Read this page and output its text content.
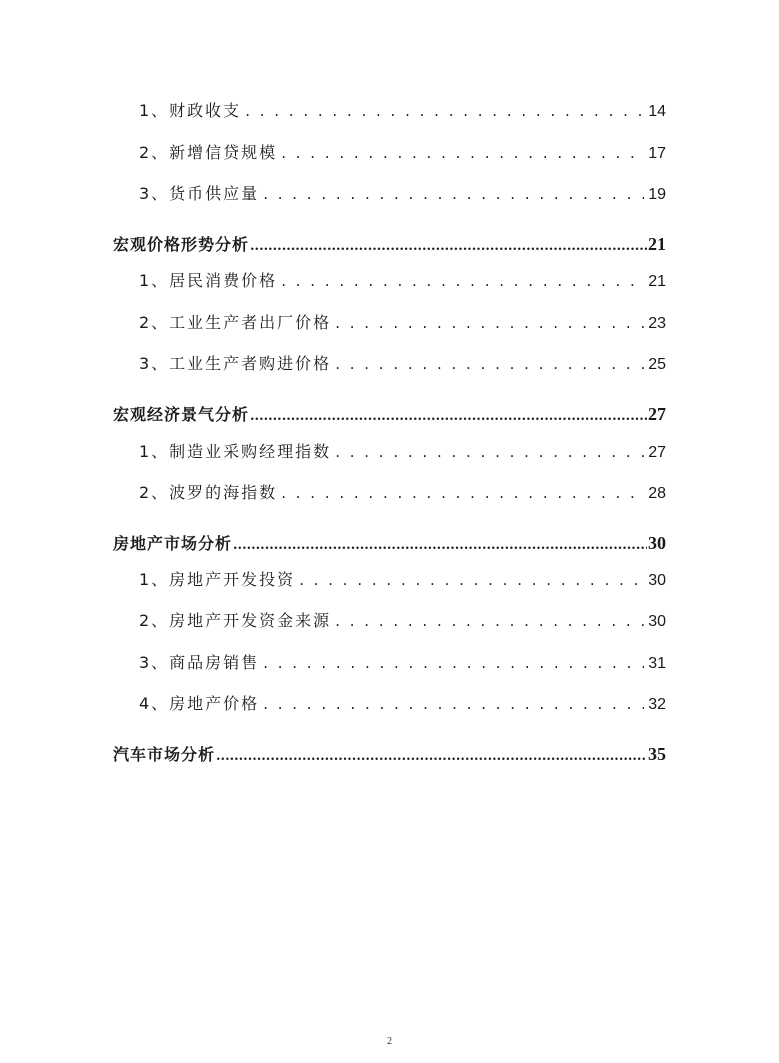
1、财政收支 . . .	14
2、新增信贷规模 . . .	17
3、货币供应量 . . .	19
宏观价格形势分析 .....	21
1、居民消费价格 . . .	21
2、工业生产者出厂价格 . . .	23
3、工业生产者购进价格 . . .	25
宏观经济景气分析 .....	27
1、制造业采购经理指数 . . .	27
2、波罗的海指数 . . .	28
房地产市场分析 .....	30
1、房地产开发投资 . . .	30
2、房地产开发资金来源 . . .	30
3、商品房销售 . . .	31
4、房地产价格 . . .	32
汽车市场分析 .....	35
2
